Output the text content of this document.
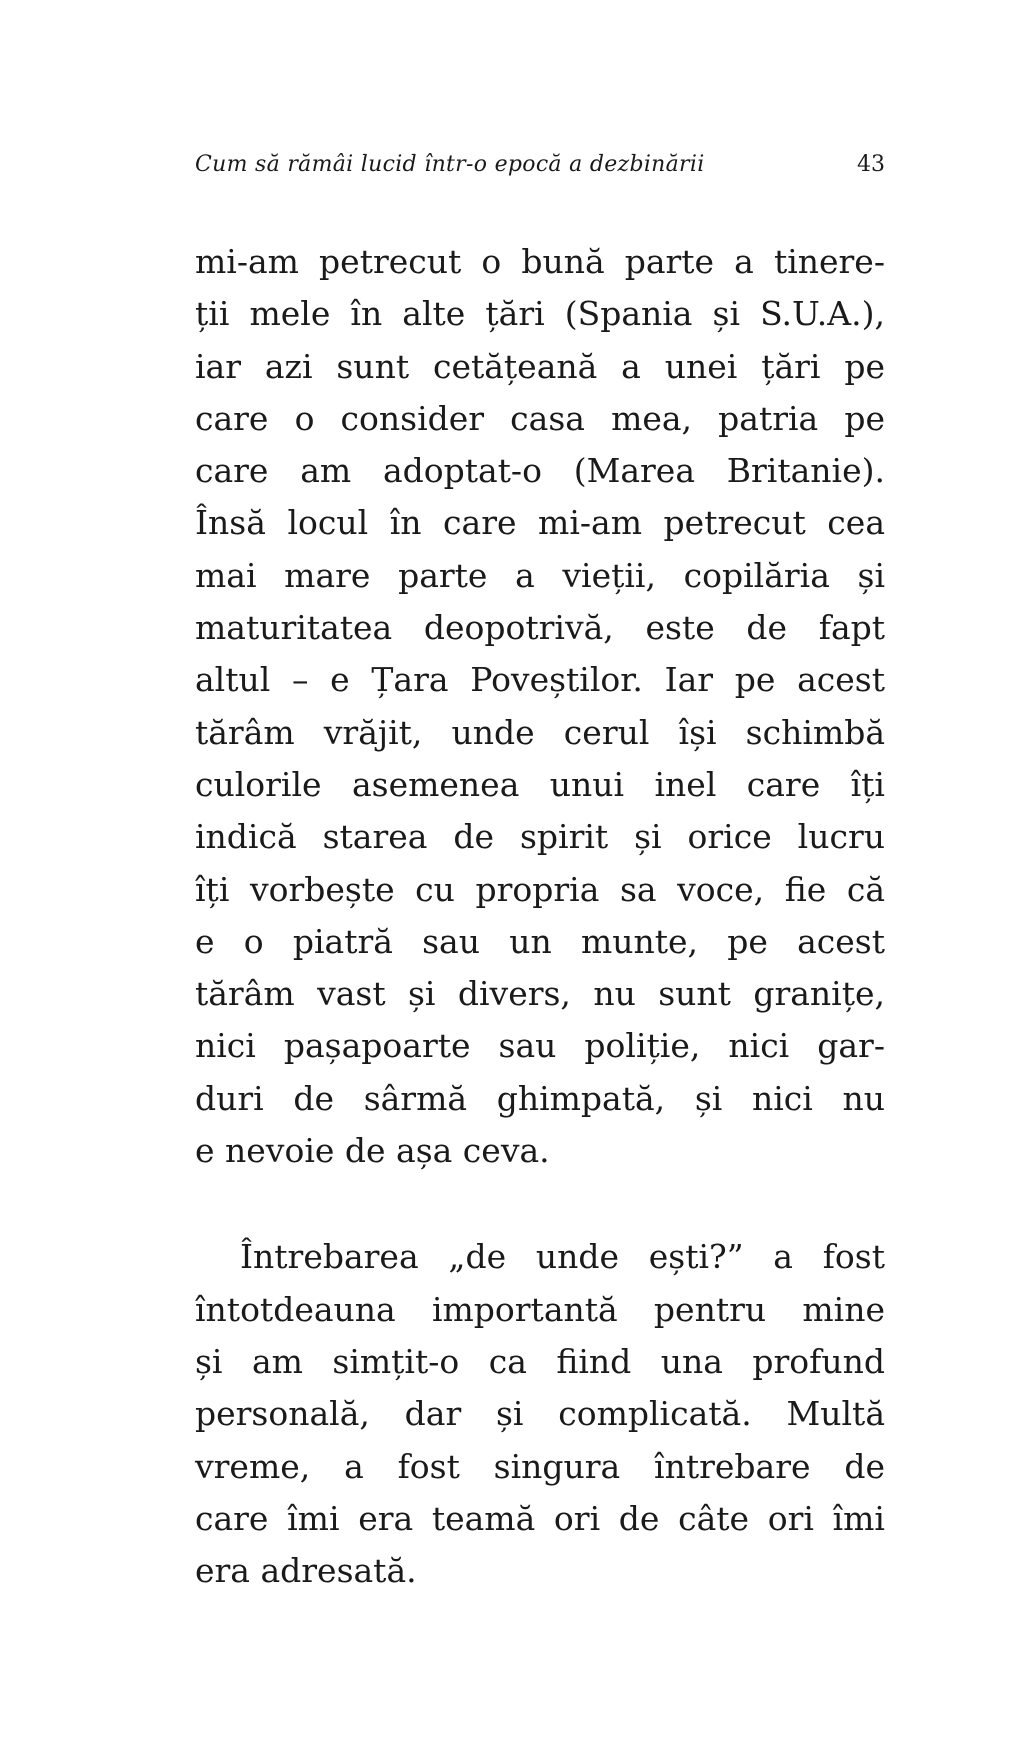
Cum să rămâi lucid într-o epocă a dezbinării	43

mi-am petrecut o bună parte a tinere-
ții mele în alte țări (Spania și S.U.A.),
iar azi sunt cetățeană a unei țări pe
care o consider casa mea, patria pe
care am adoptat-o (Marea Britanie).
Însă locul în care mi-am petrecut cea
mai mare parte a vieții, copilăria și
maturitatea deopotrivă, este de fapt
altul – e Țara Poveștilor. Iar pe acest
tărâm vrăjit, unde cerul își schimbă
culorile asemenea unui inel care îți
indică starea de spirit și orice lucru
îți vorbește cu propria sa voce, fie că
e o piatră sau un munte, pe acest
tărâm vast și divers, nu sunt granițe,
nici pașapoarte sau poliție, nici gar-
duri de sârmă ghimpată, și nici nu
e nevoie de așa ceva.

Întrebarea „de unde ești?” a fost
întotdeauna importantă pentru mine
și am simțit-o ca fiind una profund
personală, dar și complicată. Multă
vreme, a fost singura întrebare de
care îmi era teamă ori de câte ori îmi
era adresată.
